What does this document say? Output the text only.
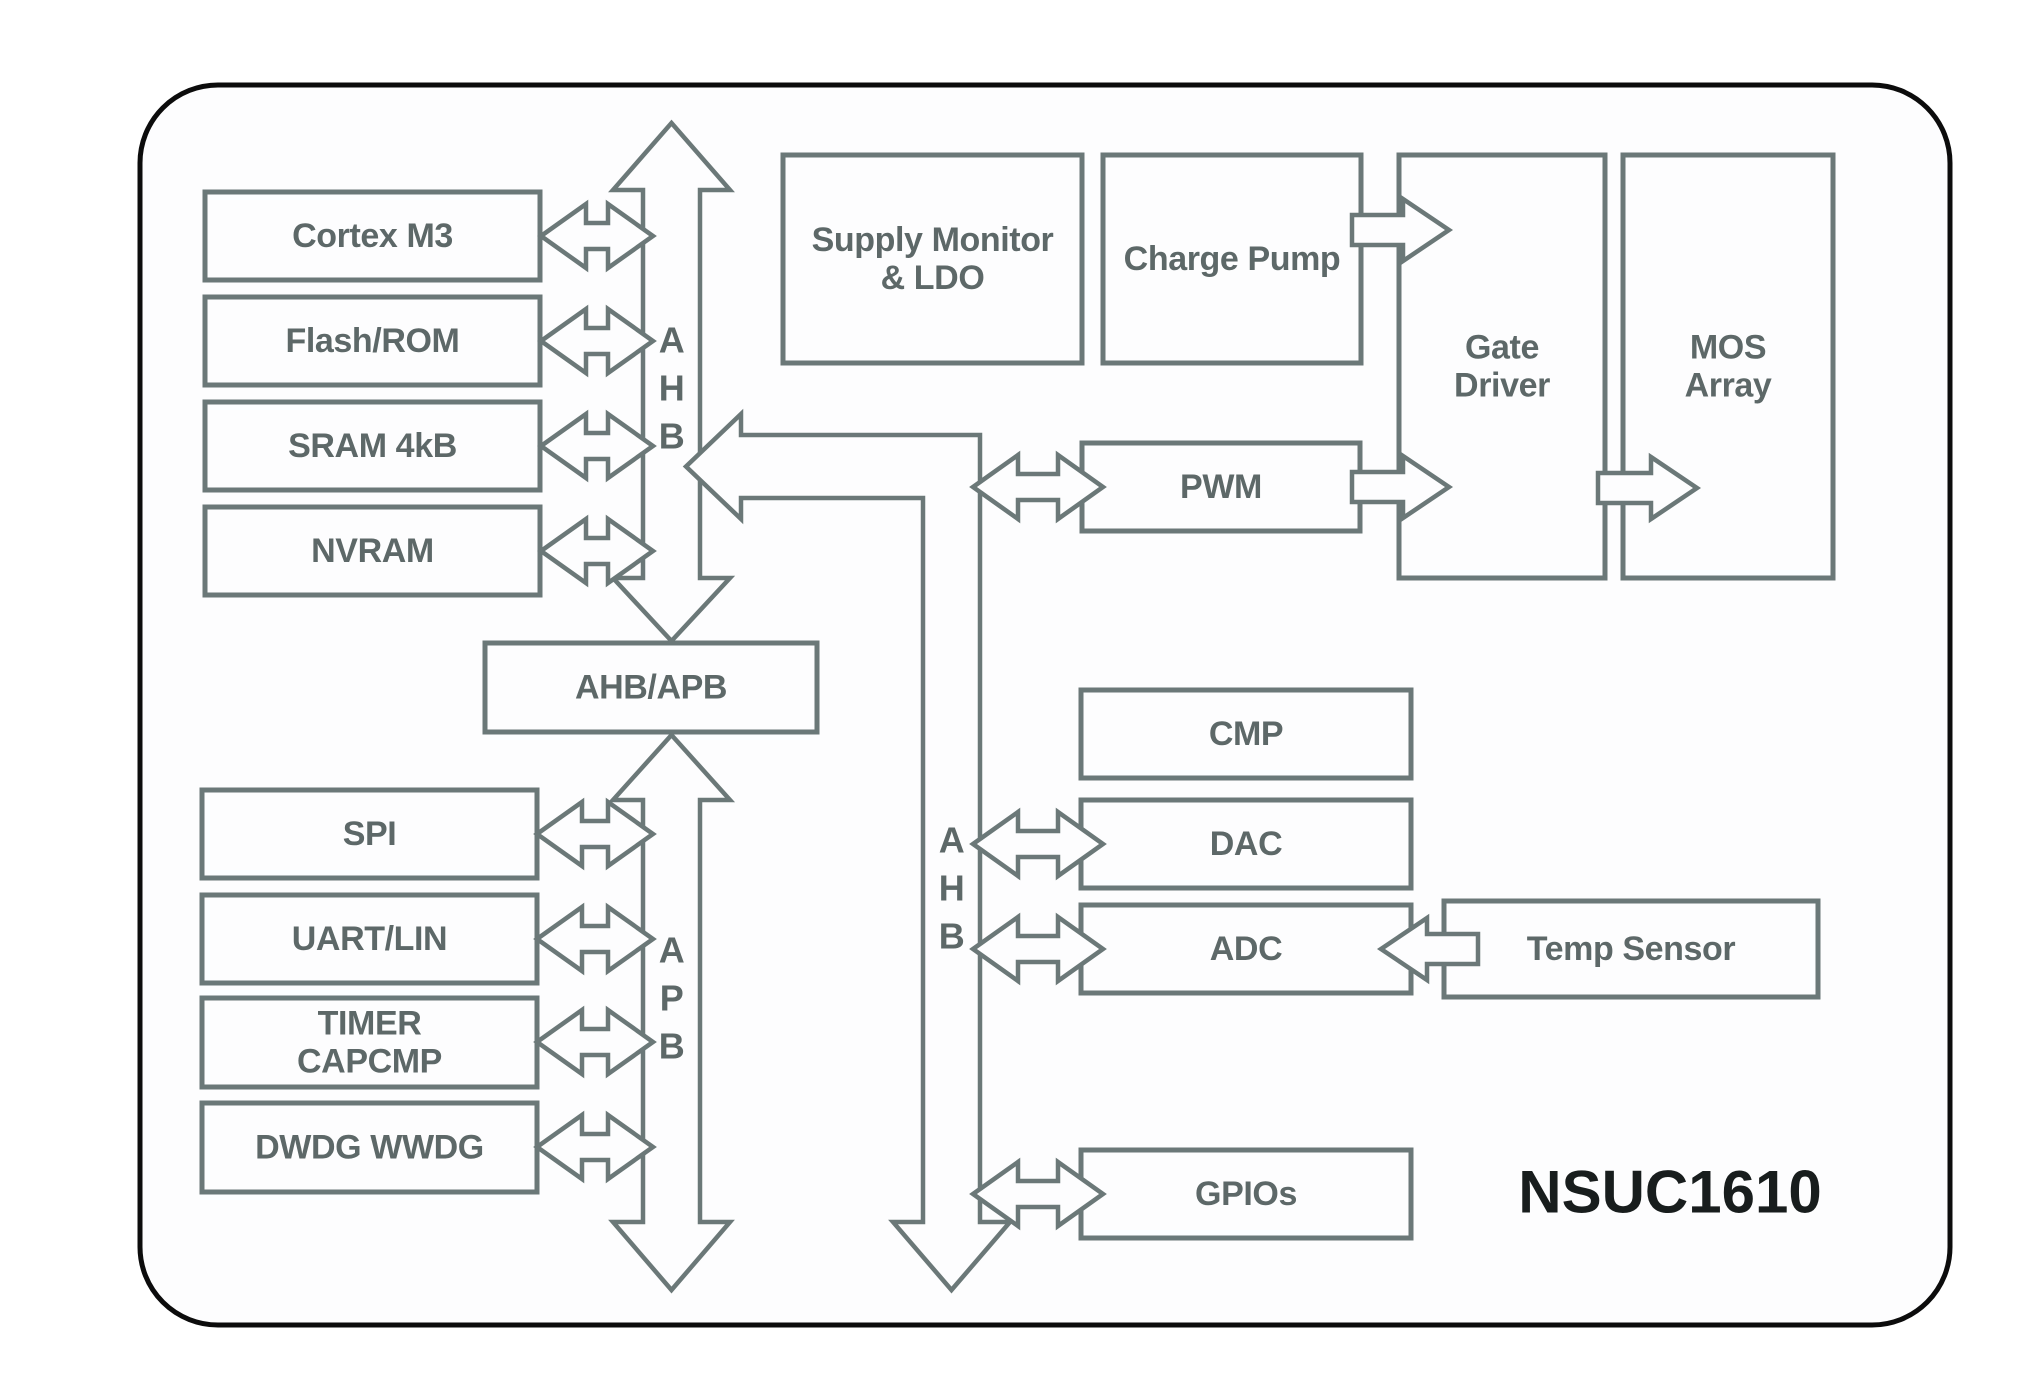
Cortex M3
Flash/ROM
SRAM 4kB
NVRAM
AHB/APB
SPI
UART/LIN
TIMER
CAPCMP
DWDG WWDG
Supply Monitor
& LDO	Charge Pump
Gate
Driver
MOS
Array
PWM
CMP
DAC
ADC	Temp Sensor
GPIOs
A
H
B
A
P
B
A
H
B
NSUC1610
